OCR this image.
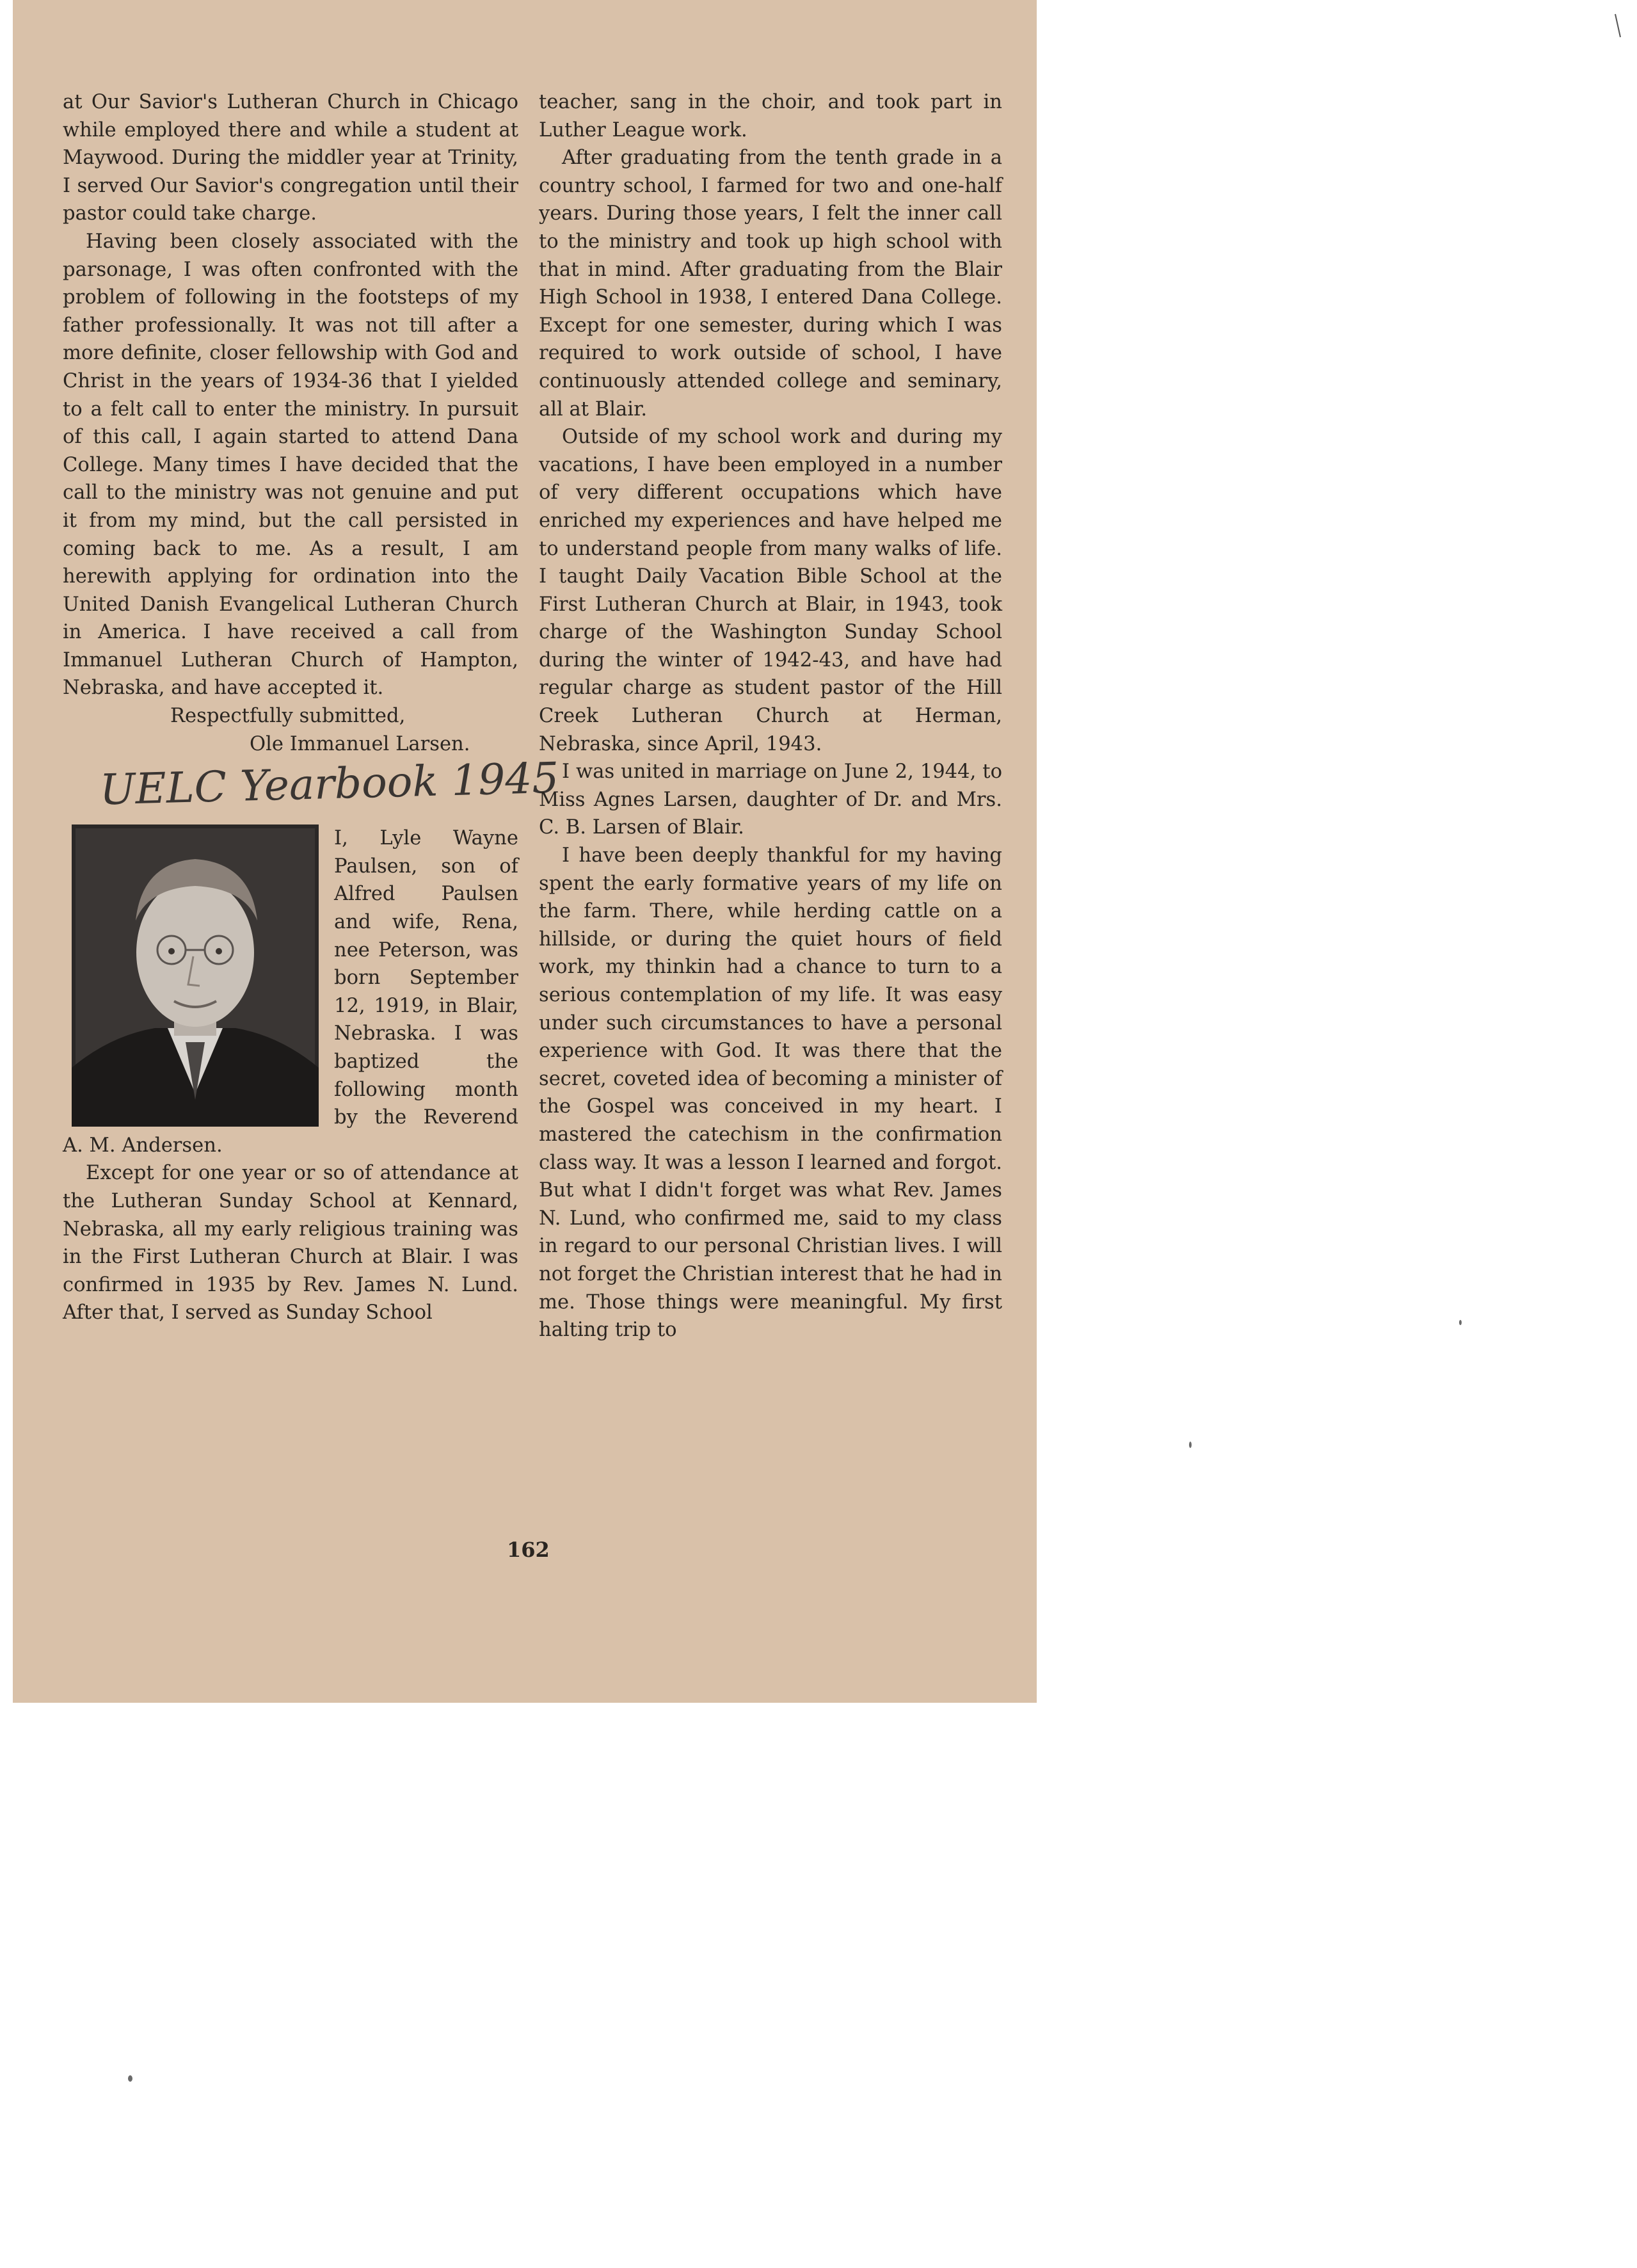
at Our Savior's Lutheran Church in Chicago while employed there and while a student at Maywood. During the middler year at Trinity, I served Our Savior's congregation until their pastor could take charge.

Having been closely associated with the parsonage, I was often confronted with the problem of following in the footsteps of my father professionally. It was not till after a more definite, closer fellowship with God and Christ in the years of 1934-36 that I yielded to a felt call to enter the ministry. In pursuit of this call, I again started to attend Dana College. Many times I have decided that the call to the ministry was not genuine and put it from my mind, but the call persisted in coming back to me. As a result, I am herewith applying for ordination into the United Danish Evangelical Lutheran Church in America. I have received a call from Immanuel Lutheran Church of Hampton, Nebraska, and have accepted it.

Respectfully submitted,

Ole Immanuel Larsen.

UELC Yearbook 1945

I, Lyle Wayne Paulsen, son of Alfred Paulsen and wife, Rena, nee Peterson, was born September 12, 1919, in Blair, Nebraska. I was baptized the following month by the Reverend A. M. Andersen.

Except for one year or so of attendance at the Lutheran Sunday School at Kennard, Nebraska, all my early religious training was in the First Lutheran Church at Blair. I was confirmed in 1935 by Rev. James N. Lund. After that, I served as Sunday School

teacher, sang in the choir, and took part in Luther League work.

After graduating from the tenth grade in a country school, I farmed for two and one-half years. During those years, I felt the inner call to the ministry and took up high school with that in mind. After graduating from the Blair High School in 1938, I entered Dana College. Except for one semester, during which I was required to work outside of school, I have continuously attended college and seminary, all at Blair.

Outside of my school work and during my vacations, I have been employed in a number of very different occupations which have enriched my experiences and have helped me to understand people from many walks of life. I taught Daily Vacation Bible School at the First Lutheran Church at Blair, in 1943, took charge of the Washington Sunday School during the winter of 1942-43, and have had regular charge as student pastor of the Hill Creek Lutheran Church at Herman, Nebraska, since April, 1943.

I was united in marriage on June 2, 1944, to Miss Agnes Larsen, daughter of Dr. and Mrs. C. B. Larsen of Blair.

I have been deeply thankful for my having spent the early formative years of my life on the farm. There, while herding cattle on a hillside, or during the quiet hours of field work, my thinkin had a chance to turn to a serious contemplation of my life. It was easy under such circumstances to have a personal experience with God. It was there that the secret, coveted idea of becoming a minister of the Gospel was conceived in my heart. I mastered the catechism in the confirmation class way. It was a lesson I learned and forgot. But what I didn't forget was what Rev. James N. Lund, who confirmed me, said to my class in regard to our personal Christian lives. I will not forget the Christian interest that he had in me. Those things were meaningful. My first halting trip to

162
